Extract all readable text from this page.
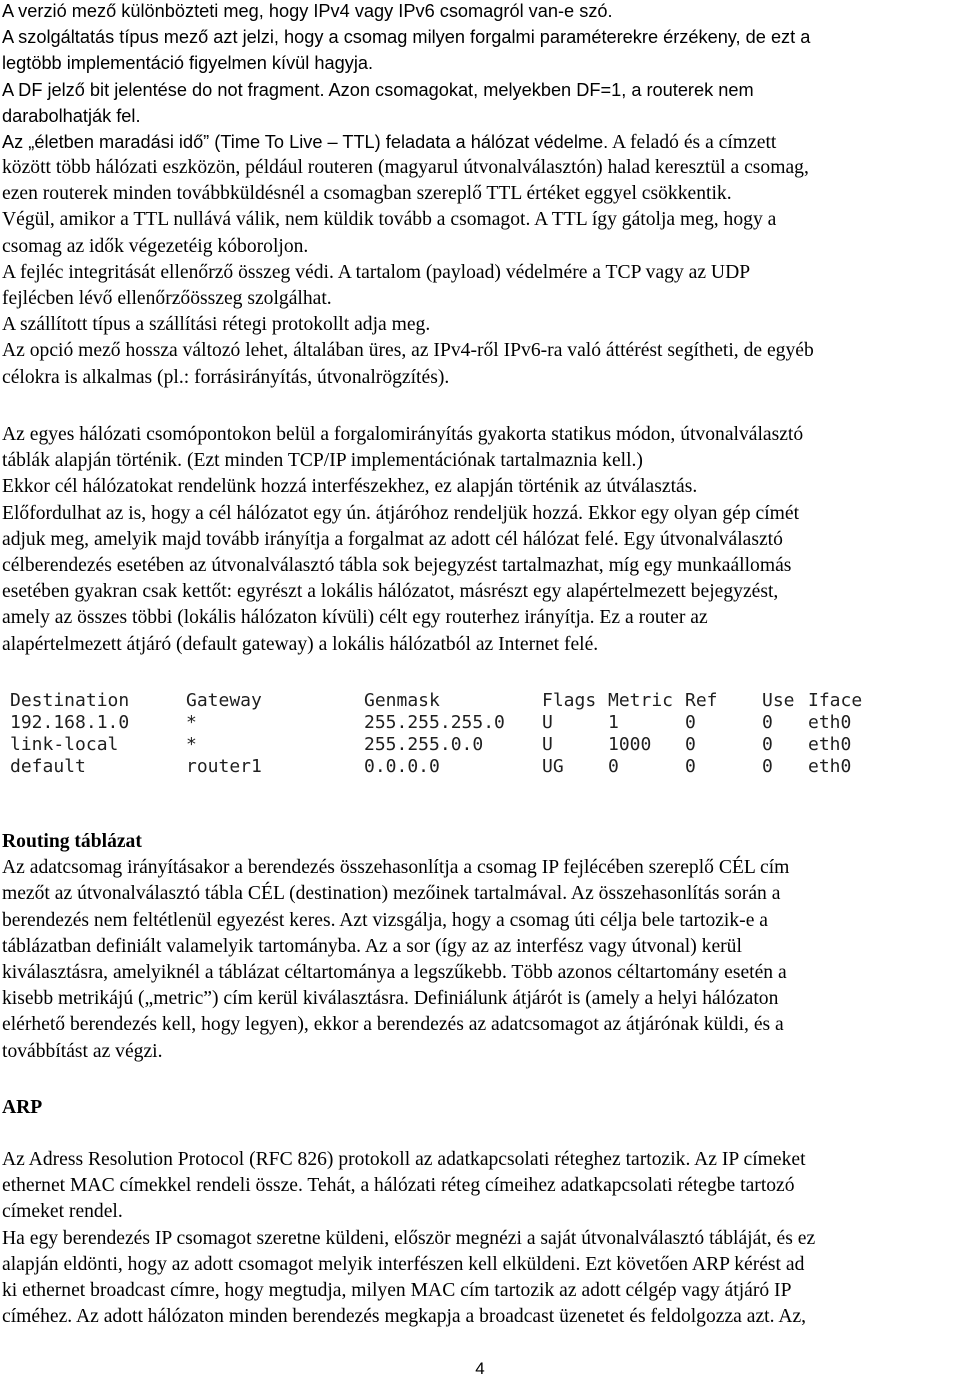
A verzió mező különbözteti meg, hogy IPv4 vagy IPv6 csomagról van-e szó.
A szolgáltatás típus mező azt jelzi, hogy a csomag milyen forgalmi paraméterekre érzékeny, de ezt a
legtöbb implementáció figyelmen kívül hagyja.
A DF jelző bit jelentése do not fragment. Azon csomagokat, melyekben DF=1, a routerek nem
darabolhatják fel.
Az „életben maradási idő” (Time To Live – TTL) feladata a hálózat védelme. A feladó és a címzett
között több hálózati eszközön, például routeren (magyarul útvonalválasztón) halad keresztül a csomag,
ezen routerek minden továbbküldésnél a csomagban szereplő TTL értéket eggyel csökkentik.
Végül, amikor a TTL nullává válik, nem küldik tovább a csomagot. A TTL így gátolja meg, hogy a
csomag az idők végezetéig kóboroljon.
A fejléc integritását ellenőrző összeg védi. A tartalom (payload) védelmére a TCP vagy az UDP
fejlécben lévő ellenőrzőösszeg szolgálhat.
A szállított típus a szállítási rétegi protokollt adja meg.
Az opció mező hossza változó lehet, általában üres, az IPv4-ről IPv6-ra való áttérést segítheti, de egyéb
célokra is alkalmas (pl.: forrásirányítás, útvonalrögzítés).
Az egyes hálózati csomópontokon belül a forgalomirányítás gyakorta statikus módon, útvonalválasztó
táblák alapján történik. (Ezt minden TCP/IP implementációnak tartalmaznia kell.)
Ekkor cél hálózatokat rendelünk hozzá interfészekhez, ez alapján történik az útválasztás.
Előfordulhat az is, hogy a cél hálózatot egy ún. átjáróhoz rendeljük hozzá. Ekkor egy olyan gép címét
adjuk meg, amelyik majd tovább irányítja a forgalmat az adott cél hálózat felé. Egy útvonalválasztó
célberendezés esetében az útvonalválasztó tábla sok bejegyzést tartalmazhat, míg egy munkaállomás
esetében gyakran csak kettőt: egyrészt a lokális hálózatot, másrészt egy alapértelmezett bejegyzést,
amely az összes többi (lokális hálózaton kívüli) célt egy routerhez irányítja. Ez a router az
alapértelmezett átjáró (default gateway) a lokális hálózatból az Internet felé.
Destination	Gateway	Genmask	Flags Metric Ref Use Iface
192.168.1.0	*	255.255.255.0 U	1	0	0 eth0
link-local	*	255.255.0.0	U	1000 0	0 eth0
default	router1	0.0.0.0	UG 0	0	0 eth0
Routing táblázat
Az adatcsomag irányításakor a berendezés összehasonlítja a csomag IP fejlécében szereplő CÉL cím
mezőt az útvonalválasztó tábla CÉL (destination) mezőinek tartalmával. Az összehasonlítás során a
berendezés nem feltétlenül egyezést keres. Azt vizsgálja, hogy a csomag úti célja bele tartozik-e a
táblázatban definiált valamelyik tartományba. Az a sor (így az az interfész vagy útvonal) kerül
kiválasztásra, amelyiknél a táblázat céltartománya a legszűkebb. Több azonos céltartomány esetén a
kisebb metrikájú („metric”) cím kerül kiválasztásra. Definiálunk átjárót is (amely a helyi hálózaton
elérhető berendezés kell, hogy legyen), ekkor a berendezés az adatcsomagot az átjárónak küldi, és a
továbbítást az végzi.
ARP
Az Adress Resolution Protocol (RFC 826) protokoll az adatkapcsolati réteghez tartozik. Az IP címeket
ethernet MAC címekkel rendeli össze. Tehát, a hálózati réteg címeihez adatkapcsolati rétegbe tartozó
címeket rendel.
Ha egy berendezés IP csomagot szeretne küldeni, először megnézi a saját útvonalválasztó tábláját, és ez
alapján eldönti, hogy az adott csomagot melyik interfészen kell elküldeni. Ezt követően ARP kérést ad
ki ethernet broadcast címre, hogy megtudja, milyen MAC cím tartozik az adott célgép vagy átjáró IP
címéhez. Az adott hálózaton minden berendezés megkapja a broadcast üzenetet és feldolgozza azt. Az,
4
